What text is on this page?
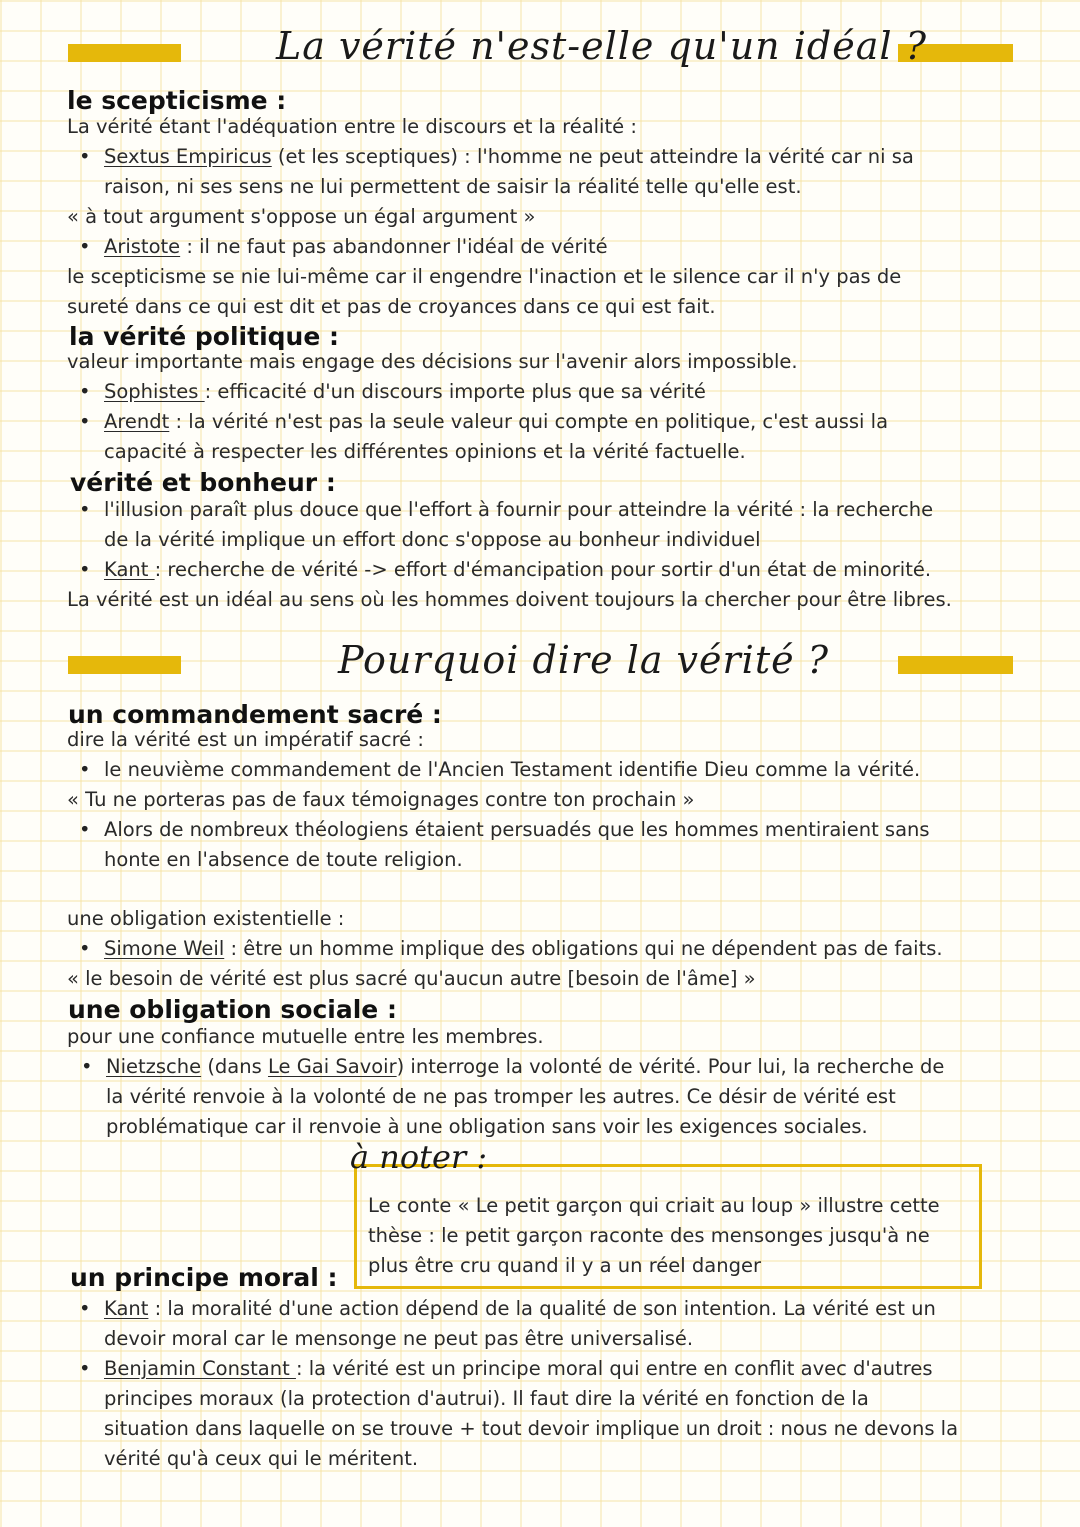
La vérité n'est-elle qu'un idéal ?
le scepticisme :
La vérité étant l'adéquation entre le discours et la réalité :
• Sextus Empiricus (et les sceptiques) : l'homme ne peut atteindre la vérité car ni sa
raison, ni ses sens ne lui permettent de saisir la réalité telle qu'elle est.
« à tout argument s'oppose un égal argument »
• Aristote : il ne faut pas abandonner l'idéal de vérité
le scepticisme se nie lui-même car il engendre l'inaction et le silence car il n'y pas de
sureté dans ce qui est dit et pas de croyances dans ce qui est fait.
la vérité politique :
valeur importante mais engage des décisions sur l'avenir alors impossible.
• Sophistes : efficacité d'un discours importe plus que sa vérité
• Arendt : la vérité n'est pas la seule valeur qui compte en politique, c'est aussi la
capacité à respecter les différentes opinions et la vérité factuelle.
vérité et bonheur :
• l'illusion paraît plus douce que l'effort à fournir pour atteindre la vérité : la recherche
de la vérité implique un effort donc s'oppose au bonheur individuel
• Kant : recherche de vérité -> effort d'émancipation pour sortir d'un état de minorité.
La vérité est un idéal au sens où les hommes doivent toujours la chercher pour être libres.
Pourquoi dire la vérité ?
un commandement sacré :
dire la vérité est un impératif sacré :
• le neuvième commandement de l'Ancien Testament identifie Dieu comme la vérité.
« Tu ne porteras pas de faux témoignages contre ton prochain »
• Alors de nombreux théologiens étaient persuadés que les hommes mentiraient sans
honte en l'absence de toute religion.
une obligation existentielle :
• Simone Weil : être un homme implique des obligations qui ne dépendent pas de faits.
« le besoin de vérité est plus sacré qu'aucun autre [besoin de l'âme] »
une obligation sociale :
pour une confiance mutuelle entre les membres.
• Nietzsche (dans Le Gai Savoir) interroge la volonté de vérité. Pour lui, la recherche de
la vérité renvoie à la volonté de ne pas tromper les autres. Ce désir de vérité est
problématique car il renvoie à une obligation sans voir les exigences sociales.
à noter :
Le conte « Le petit garçon qui criait au loup » illustre cette
thèse : le petit garçon raconte des mensonges jusqu'à ne
plus être cru quand il y a un réel danger
un principe moral :
• Kant : la moralité d'une action dépend de la qualité de son intention. La vérité est un
devoir moral car le mensonge ne peut pas être universalisé.
• Benjamin Constant : la vérité est un principe moral qui entre en conflit avec d'autres
principes moraux (la protection d'autrui). Il faut dire la vérité en fonction de la
situation dans laquelle on se trouve + tout devoir implique un droit : nous ne devons la
vérité qu'à ceux qui le méritent.
